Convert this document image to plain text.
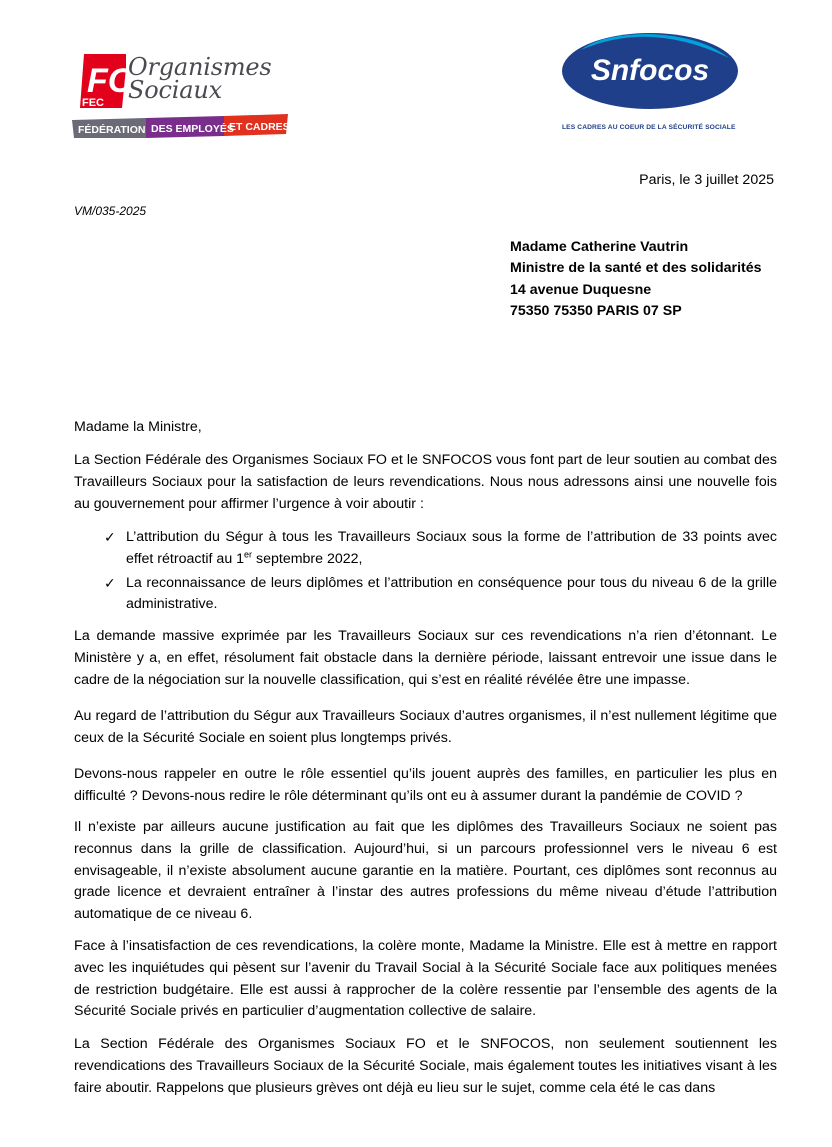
FO
FEC
Organismes
Sociaux
FÉDÉRATION DES EMPLOYÉS
ET CADRES
Snfocos
LES CADRES AU COEUR DE LA SÉCURITÉ SOCIALE
Paris, le 3 juillet 2025
VM/035-2025
Madame Catherine Vautrin
Ministre de la santé et des solidarités
14 avenue Duquesne
75350 75350 PARIS 07 SP
Madame la Ministre,
La Section Fédérale des Organismes Sociaux FO et le SNFOCOS vous font part de leur soutien au combat des Travailleurs Sociaux pour la satisfaction de leurs revendications. Nous nous adressons ainsi une nouvelle fois au gouvernement pour affirmer l’urgence à voir aboutir :
✓ L’attribution du Ségur à tous les Travailleurs Sociaux sous la forme de l’attribution de 33 points avec effet rétroactif au 1er septembre 2022,
✓ La reconnaissance de leurs diplômes et l’attribution en conséquence pour tous du niveau 6 de la grille administrative.
La demande massive exprimée par les Travailleurs Sociaux sur ces revendications n’a rien d’étonnant. Le Ministère y a, en effet, résolument fait obstacle dans la dernière période, laissant entrevoir une issue dans le cadre de la négociation sur la nouvelle classification, qui s’est en réalité révélée être une impasse.
Au regard de l’attribution du Ségur aux Travailleurs Sociaux d’autres organismes, il n’est nullement légitime que ceux de la Sécurité Sociale en soient plus longtemps privés.
Devons-nous rappeler en outre le rôle essentiel qu’ils jouent auprès des familles, en particulier les plus en difficulté ? Devons-nous redire le rôle déterminant qu’ils ont eu à assumer durant la pandémie de COVID ?
Il n’existe par ailleurs aucune justification au fait que les diplômes des Travailleurs Sociaux ne soient pas reconnus dans la grille de classification. Aujourd’hui, si un parcours professionnel vers le niveau 6 est envisageable, il n’existe absolument aucune garantie en la matière. Pourtant, ces diplômes sont reconnus au grade licence et devraient entraîner à l’instar des autres professions du même niveau d’étude l’attribution automatique de ce niveau 6.
Face à l’insatisfaction de ces revendications, la colère monte, Madame la Ministre. Elle est à mettre en rapport avec les inquiétudes qui pèsent sur l’avenir du Travail Social à la Sécurité Sociale face aux politiques menées de restriction budgétaire. Elle est aussi à rapprocher de la colère ressentie par l’ensemble des agents de la Sécurité Sociale privés en particulier d’augmentation collective de salaire.
La Section Fédérale des Organismes Sociaux FO et le SNFOCOS, non seulement soutiennent les revendications des Travailleurs Sociaux de la Sécurité Sociale, mais également toutes les initiatives visant à les faire aboutir. Rappelons que plusieurs grèves ont déjà eu lieu sur le sujet, comme cela été le cas dans
